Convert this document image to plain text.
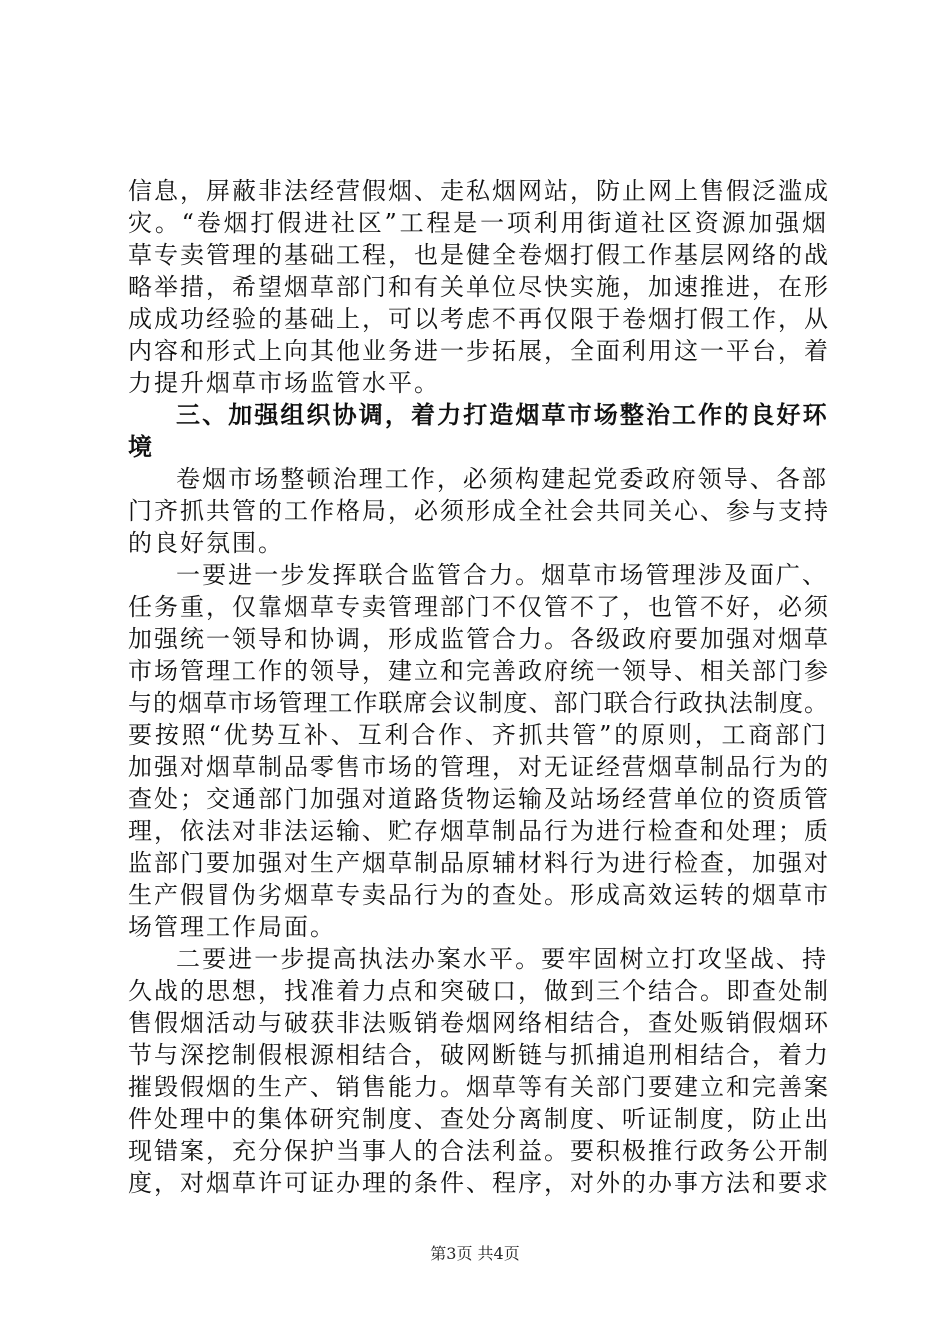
信息，屏蔽非法经营假烟、走私烟网站，防止网上售假泛滥成
灾。“卷烟打假进社区”工程是一项利用街道社区资源加强烟
草专卖管理的基础工程，也是健全卷烟打假工作基层网络的战
略举措，希望烟草部门和有关单位尽快实施，加速推进，在形
成成功经验的基础上，可以考虑不再仅限于卷烟打假工作，从
内容和形式上向其他业务进一步拓展，全面利用这一平台，着
力提升烟草市场监管水平。
三、加强组织协调，着力打造烟草市场整治工作的良好环
境
卷烟市场整顿治理工作，必须构建起党委政府领导、各部
门齐抓共管的工作格局，必须形成全社会共同关心、参与支持
的良好氛围。
一要进一步发挥联合监管合力。烟草市场管理涉及面广、
任务重，仅靠烟草专卖管理部门不仅管不了，也管不好，必须
加强统一领导和协调，形成监管合力。各级政府要加强对烟草
市场管理工作的领导，建立和完善政府统一领导、相关部门参
与的烟草市场管理工作联席会议制度、部门联合行政执法制度。
要按照“优势互补、互利合作、齐抓共管”的原则，工商部门
加强对烟草制品零售市场的管理，对无证经营烟草制品行为的
查处；交通部门加强对道路货物运输及站场经营单位的资质管
理，依法对非法运输、贮存烟草制品行为进行检查和处理；质
监部门要加强对生产烟草制品原辅材料行为进行检查，加强对
生产假冒伪劣烟草专卖品行为的查处。形成高效运转的烟草市
场管理工作局面。
二要进一步提高执法办案水平。要牢固树立打攻坚战、持
久战的思想，找准着力点和突破口，做到三个结合。即查处制
售假烟活动与破获非法贩销卷烟网络相结合，查处贩销假烟环
节与深挖制假根源相结合，破网断链与抓捕追刑相结合，着力
摧毁假烟的生产、销售能力。烟草等有关部门要建立和完善案
件处理中的集体研究制度、查处分离制度、听证制度，防止出
现错案，充分保护当事人的合法利益。要积极推行政务公开制
度，对烟草许可证办理的条件、程序，对外的办事方法和要求
第3页 共4页
